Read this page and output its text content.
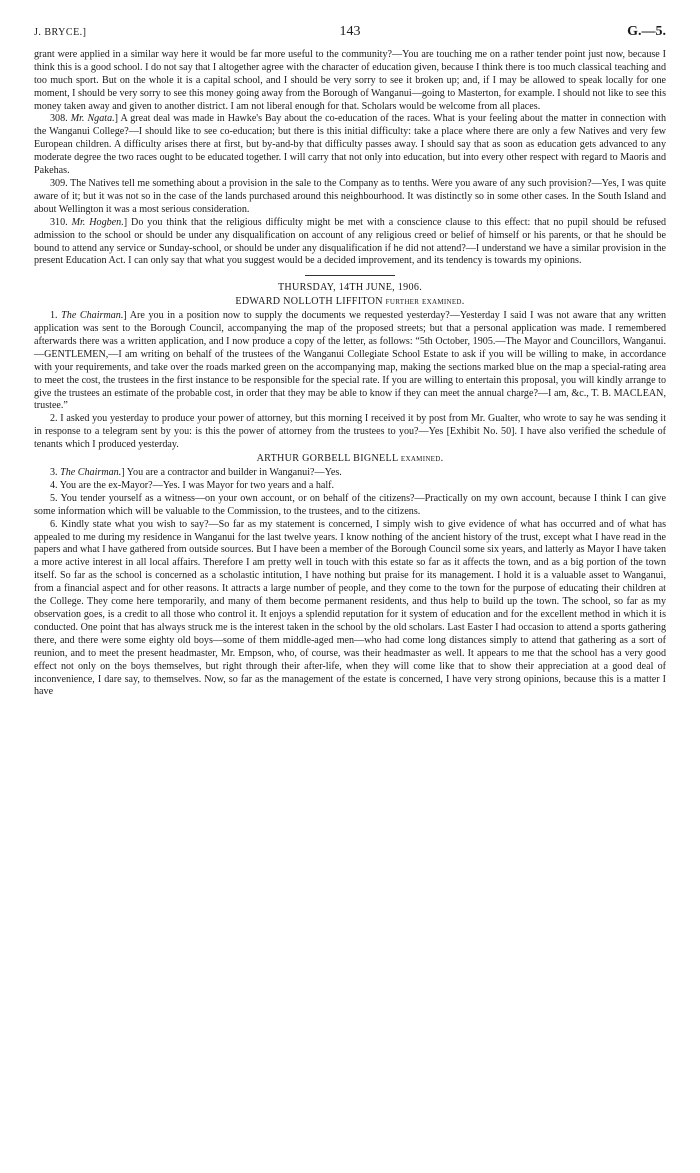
J. BRYCE.]	143	G.—5.

grant were applied in a similar way here it would be far more useful to the community?—You are touching me on a rather tender point just now, because I think this is a good school. I do not say that I altogether agree with the character of education given, because I think there is too much classical teaching and too much sport. But on the whole it is a capital school, and I should be very sorry to see it broken up; and, if I may be allowed to speak locally for one moment, I should be very sorry to see this money going away from the Borough of Wanganui—going to Masterton, for example. I should not like to see this money taken away and given to another district. I am not liberal enough for that. Scholars would be welcome from all places.

308. Mr. Ngata.] A great deal was made in Hawke's Bay about the co-education of the races. What is your feeling about the matter in connection with the Wanganui College?—I should like to see co-education; but there is this initial difficulty: take a place where there are only a few Natives and very few European children. A difficulty arises there at first, but by-and-by that difficulty passes away. I should say that as soon as education gets advanced to any moderate degree the two races ought to be educated together. I will carry that not only into education, but into every other respect with regard to Maoris and Pakehas.

309. The Natives tell me something about a provision in the sale to the Company as to tenths. Were you aware of any such provision?—Yes, I was quite aware of it; but it was not so in the case of the lands purchased around this neighbourhood. It was distinctly so in some other cases. In the South Island and about Wellington it was a most serious consideration.

310. Mr. Hogben.] Do you think that the religious difficulty might be met with a conscience clause to this effect: that no pupil should be refused admission to the school or should be under any disqualification on account of any religious creed or belief of himself or his parents, or that he should be bound to attend any service or Sunday-school, or should be under any disqualification if he did not attend?—I understand we have a similar provision in the present Education Act. I can only say that what you suggest would be a decided improvement, and its tendency is towards my opinions.

THURSDAY, 14TH JUNE, 1906.

EDWARD NOLLOTH LIFFITON further examined.

1. The Chairman.] Are you in a position now to supply the documents we requested yesterday?—Yesterday I said I was not aware that any written application was sent to the Borough Council, accompanying the map of the proposed streets; but that a personal application was made. I remembered afterwards there was a written application, and I now produce a copy of the letter, as follows: “5th October, 1905.—The Mayor and Councillors, Wanganui.—GENTLEMEN,—I am writing on behalf of the trustees of the Wanganui Collegiate School Estate to ask if you will be willing to make, in accordance with your requirements, and take over the roads marked green on the accompanying map, making the sections marked blue on the map a special-rating area to meet the cost, the trustees in the first instance to be responsible for the special rate. If you are willing to entertain this proposal, you will kindly arrange to give the trustees an estimate of the probable cost, in order that they may be able to know if they can meet the annual charge?—I am, &c., T. B. MACLEAN, trustee.”

2. I asked you yesterday to produce your power of attorney, but this morning I received it by post from Mr. Gualter, who wrote to say he was sending it in response to a telegram sent by you: is this the power of attorney from the trustees to you?—Yes [Exhibit No. 50]. I have also verified the schedule of tenants which I produced yesterday.

ARTHUR GORBELL BIGNELL examined.

3. The Chairman.] You are a contractor and builder in Wanganui?—Yes.

4. You are the ex-Mayor?—Yes. I was Mayor for two years and a half.

5. You tender yourself as a witness—on your own account, or on behalf of the citizens?—Practically on my own account, because I think I can give some information which will be valuable to the Commission, to the trustees, and to the citizens.

6. Kindly state what you wish to say?—So far as my statement is concerned, I simply wish to give evidence of what has occurred and of what has appealed to me during my residence in Wanganui for the last twelve years. I know nothing of the ancient history of the trust, except what I have read in the papers and what I have gathered from outside sources. But I have been a member of the Borough Council some six years, and latterly as Mayor I have taken a more active interest in all local affairs. Therefore I am pretty well in touch with this estate so far as it affects the town, and as a big portion of the town itself. So far as the school is concerned as a scholastic intitution, I have nothing but praise for its management. I hold it is a valuable asset to Wanganui, from a financial aspect and for other reasons. It attracts a large number of people, and they come to the town for the purpose of educating their children at the College. They come here temporarily, and many of them become permanent residents, and thus help to build up the town. The school, so far as my observation goes, is a credit to all those who control it. It enjoys a splendid reputation for it system of education and for the excellent method in which it is conducted. One point that has always struck me is the interest taken in the school by the old scholars. Last Easter I had occasion to attend a sports gathering there, and there were some eighty old boys—some of them middle-aged men—who had come long distances simply to attend that gathering as a sort of reunion, and to meet the present headmaster, Mr. Empson, who, of course, was their headmaster as well. It appears to me that the school has a very good effect not only on the boys themselves, but right through their after-life, when they will come like that to show their appreciation at a good deal of inconvenience, I dare say, to themselves. Now, so far as the management of the estate is concerned, I have very strong opinions, because this is a matter I have
